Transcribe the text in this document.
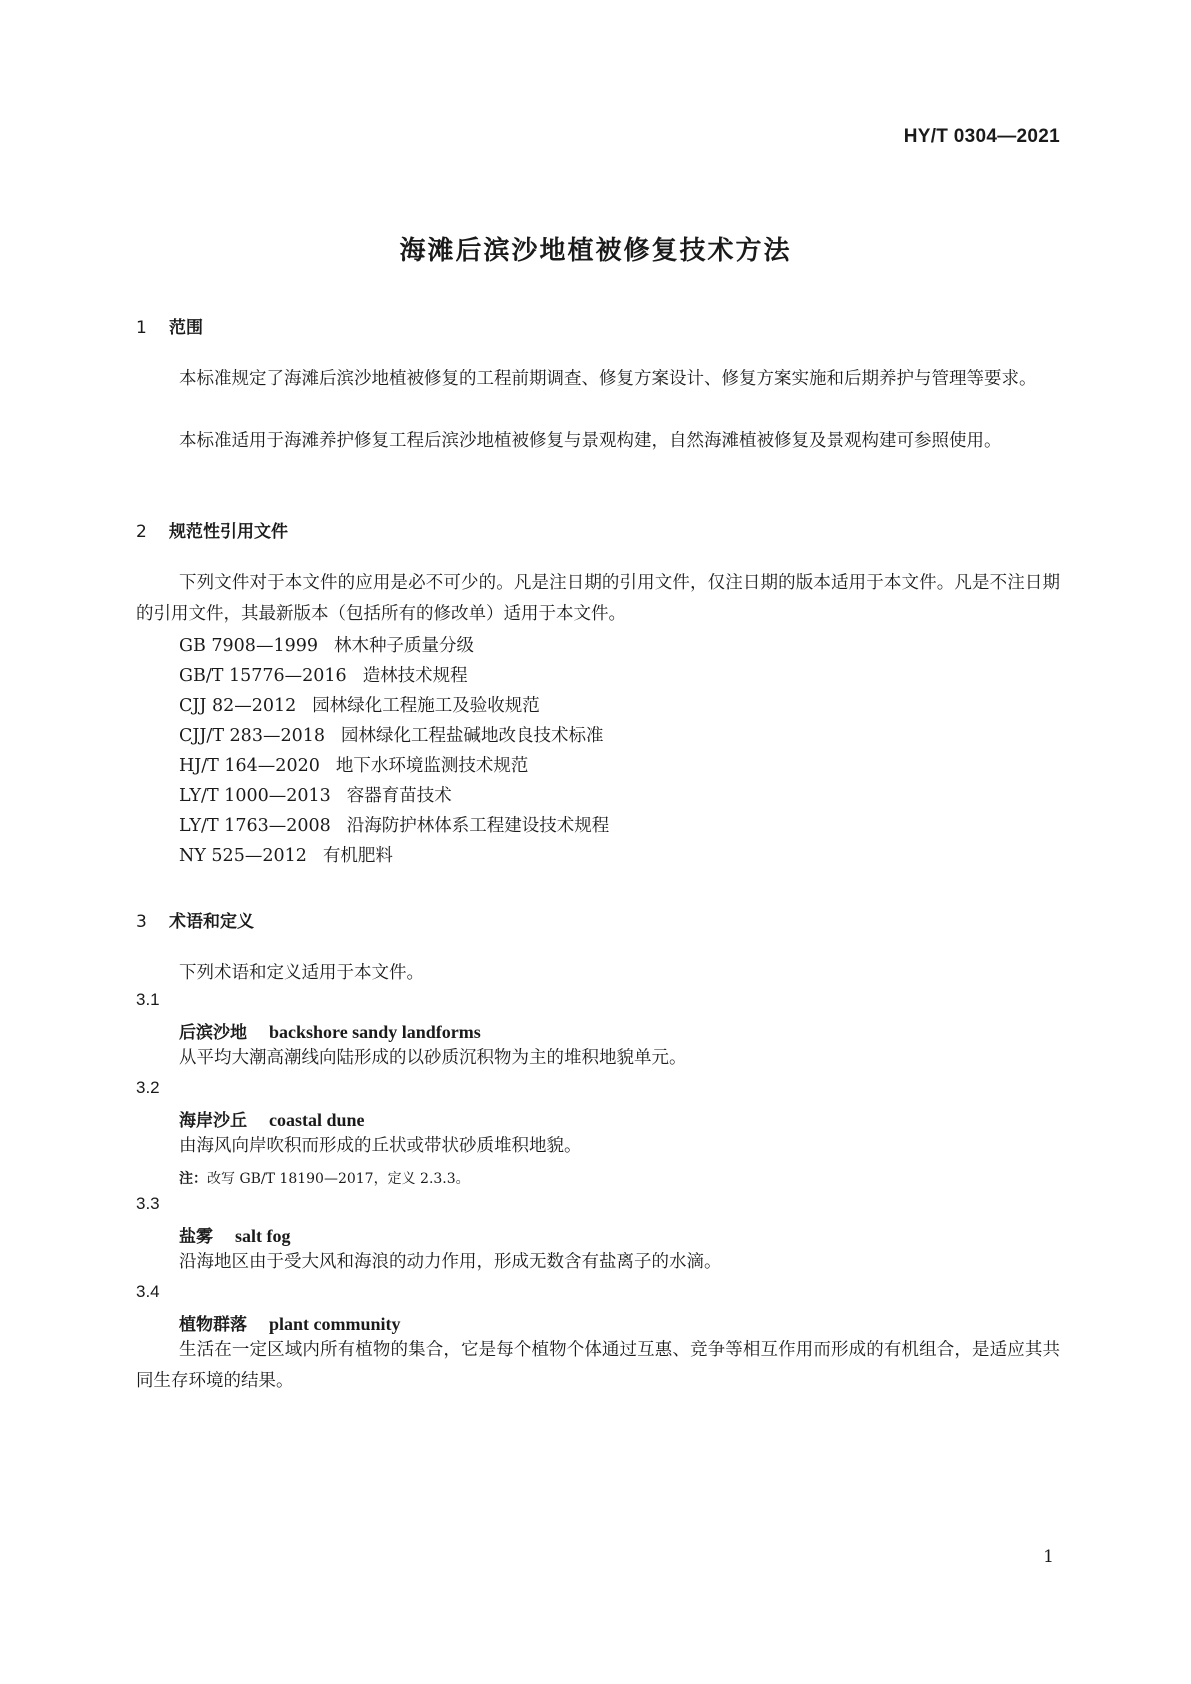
HY/T 0304—2021
海滩后滨沙地植被修复技术方法
1 范围
本标准规定了海滩后滨沙地植被修复的工程前期调查、修复方案设计、修复方案实施和后期养护与管理等要求。
本标准适用于海滩养护修复工程后滨沙地植被修复与景观构建，自然海滩植被修复及景观构建可参照使用。
2 规范性引用文件
下列文件对于本文件的应用是必不可少的。凡是注日期的引用文件，仅注日期的版本适用于本文件。凡是不注日期的引用文件，其最新版本（包括所有的修改单）适用于本文件。
GB 7908—1999 林木种子质量分级
GB/T 15776—2016 造林技术规程
CJJ 82—2012 园林绿化工程施工及验收规范
CJJ/T 283—2018 园林绿化工程盐碱地改良技术标准
HJ/T 164—2020 地下水环境监测技术规范
LY/T 1000—2013 容器育苗技术
LY/T 1763—2008 沿海防护林体系工程建设技术规程
NY 525—2012 有机肥料
3 术语和定义
下列术语和定义适用于本文件。
3.1
后滨沙地 backshore sandy landforms
从平均大潮高潮线向陆形成的以砂质沉积物为主的堆积地貌单元。
3.2
海岸沙丘 coastal dune
由海风向岸吹积而形成的丘状或带状砂质堆积地貌。
注：改写 GB/T 18190—2017，定义 2.3.3。
3.3
盐雾 salt fog
沿海地区由于受大风和海浪的动力作用，形成无数含有盐离子的水滴。
3.4
植物群落 plant community
生活在一定区域内所有植物的集合，它是每个植物个体通过互惠、竞争等相互作用而形成的有机组合，是适应其共同生存环境的结果。
1
